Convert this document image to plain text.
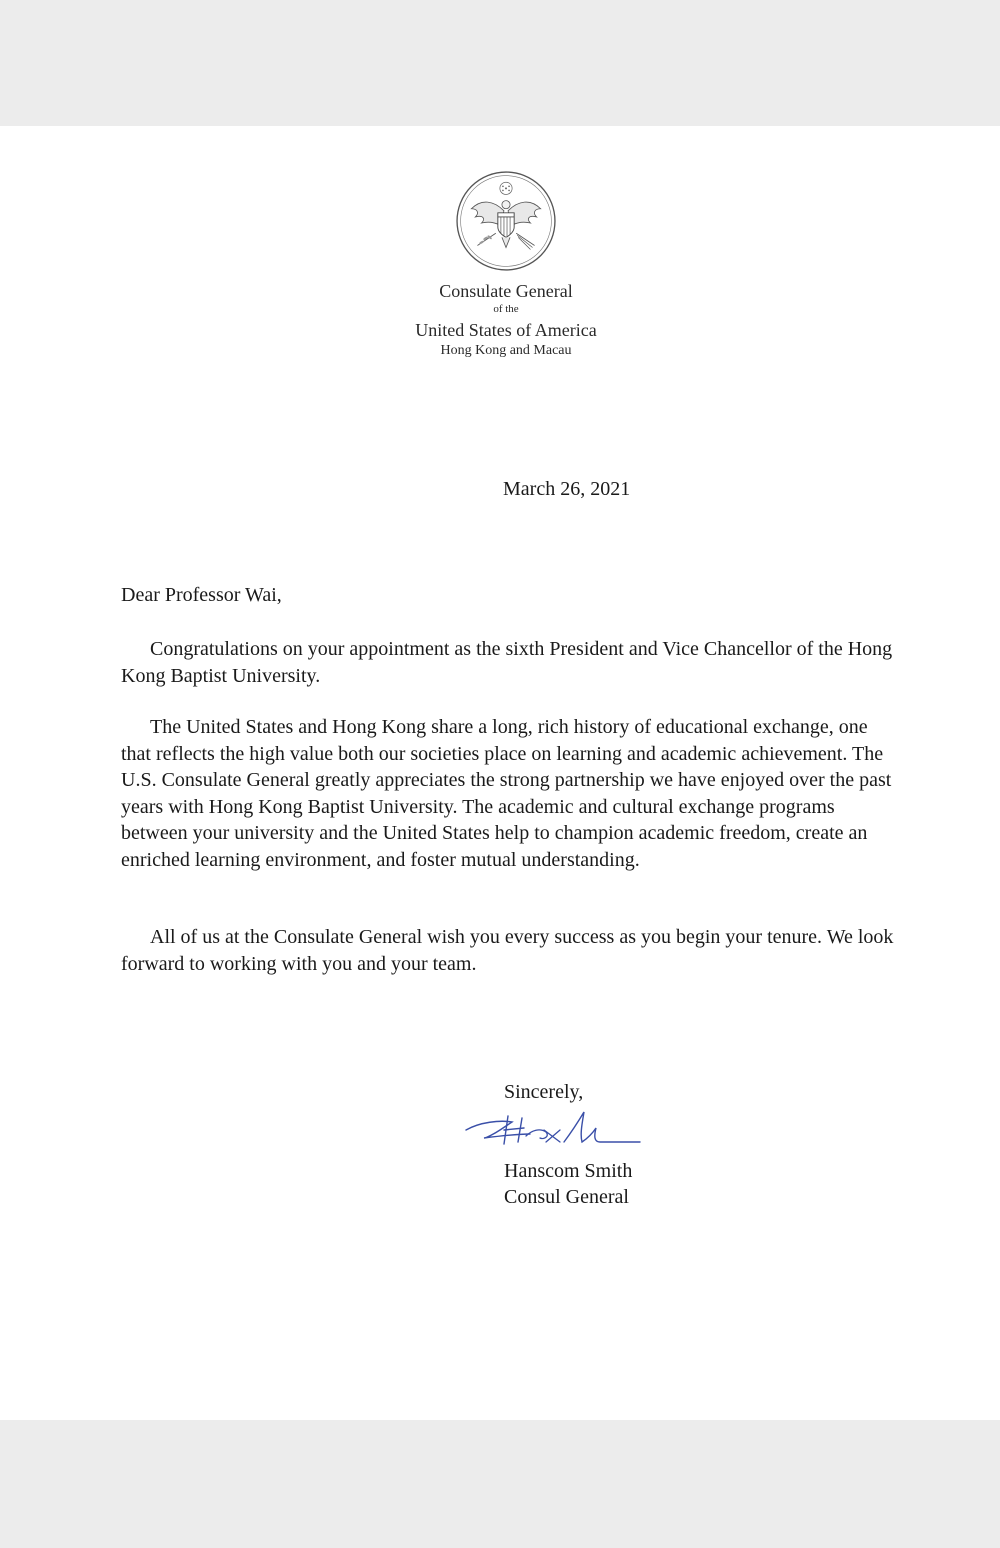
Consulate General
of the
United States of America
Hong Kong and Macau
March 26, 2021
Dear Professor Wai,

Congratulations on your appointment as the sixth President and Vice Chancellor of the Hong Kong Baptist University.

The United States and Hong Kong share a long, rich history of educational exchange, one that reflects the high value both our societies place on learning and academic achievement. The U.S. Consulate General greatly appreciates the strong partnership we have enjoyed over the past years with Hong Kong Baptist University. The academic and cultural exchange programs between your university and the United States help to champion academic freedom, create an enriched learning environment, and foster mutual understanding.

All of us at the Consulate General wish you every success as you begin your tenure. We look forward to working with you and your team.

Sincerely,
Hanscom Smith
Consul General
